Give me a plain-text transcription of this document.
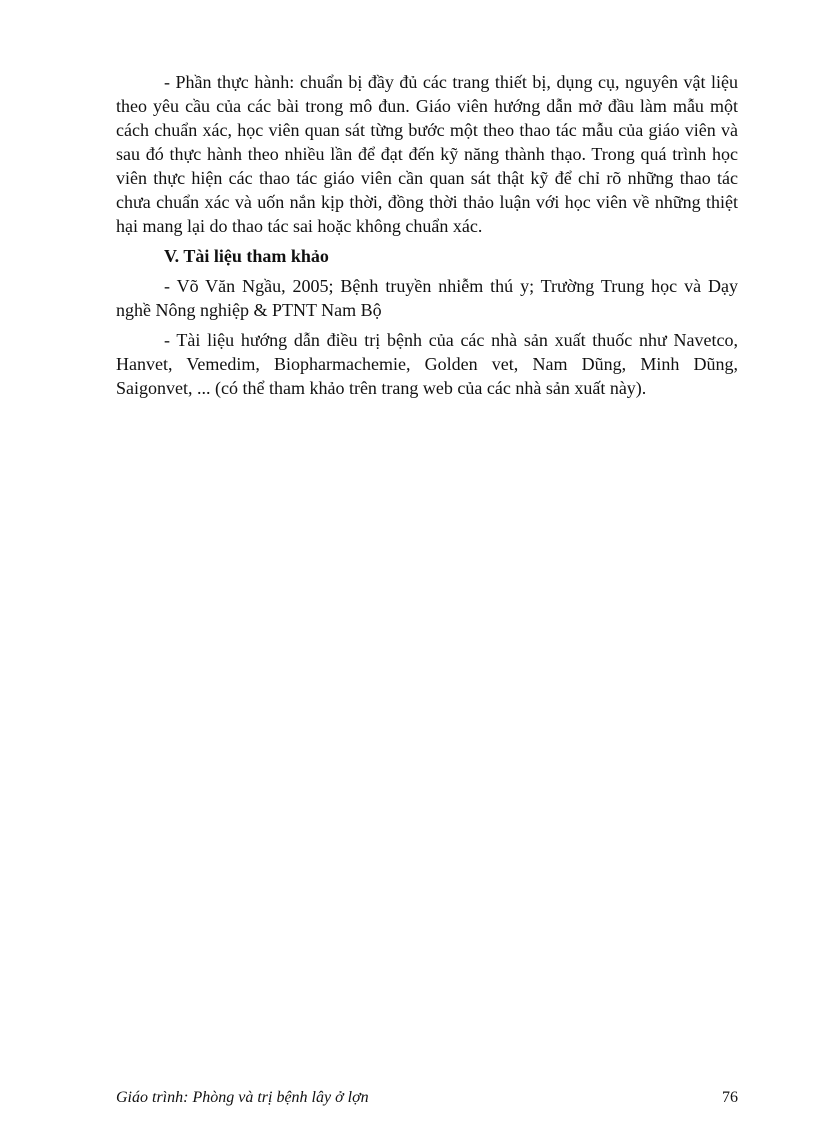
- Phần thực hành: chuẩn bị đầy đủ các trang thiết bị, dụng cụ, nguyên vật liệu theo yêu cầu của các bài trong mô đun. Giáo viên hướng dẫn mở đầu làm mẫu một cách chuẩn xác, học viên quan sát từng bước một theo thao tác mẫu của giáo viên và sau đó thực hành theo nhiều lần để đạt đến kỹ năng thành thạo. Trong quá trình học viên thực hiện các thao tác giáo viên cần quan sát thật kỹ để chỉ rõ những thao tác chưa chuẩn xác và uốn nắn kịp thời, đồng thời thảo luận với học viên về những thiệt hại mang lại do thao tác sai hoặc không chuẩn xác.

V. Tài liệu tham khảo

- Võ Văn Ngầu, 2005; Bệnh truyền nhiễm thú y; Trường Trung học và Dạy nghề Nông nghiệp & PTNT Nam Bộ

- Tài liệu hướng dẫn điều trị bệnh của các nhà sản xuất thuốc như Navetco, Hanvet, Vemedim, Biopharmachemie, Golden vet, Nam Dũng, Minh Dũng, Saigonvet, ... (có thể tham khảo trên trang web của các nhà sản xuất này).

Giáo trình: Phòng và trị bệnh lây ở lợn	76
